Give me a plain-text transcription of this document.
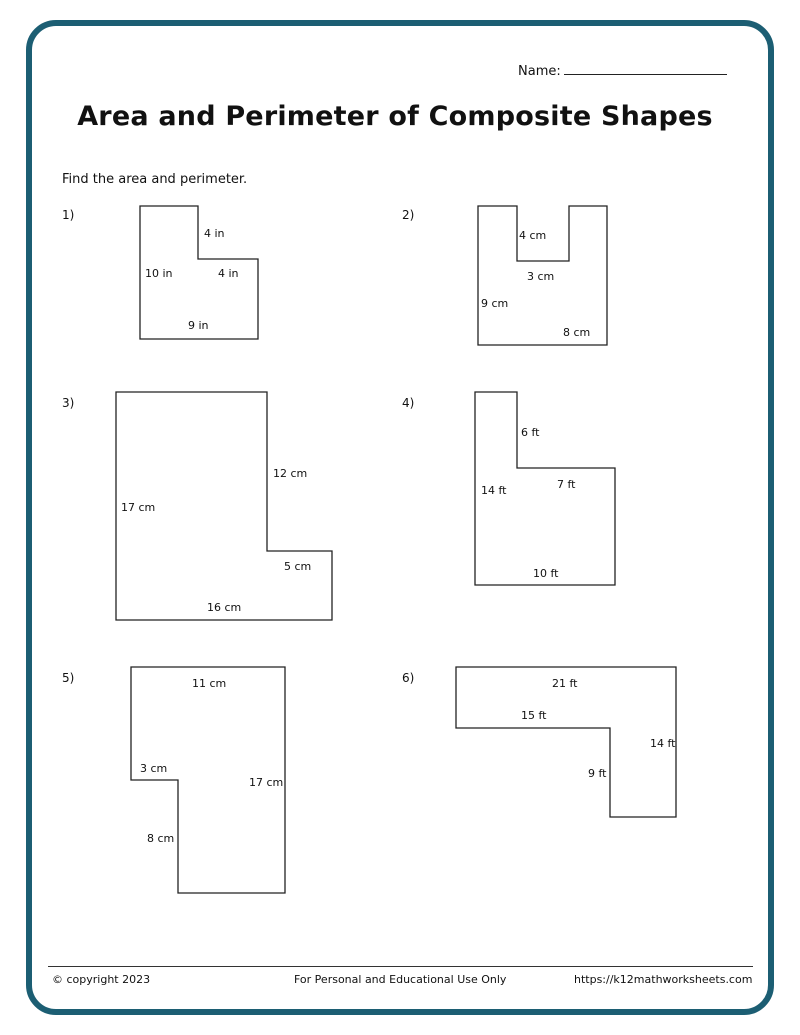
Name:
Area and Perimeter of Composite Shapes
Find the area and perimeter.
1)	2)
3)	4)
5)	6)
4 in
10 in	4 in
9 in
4 cm
3 cm
9 cm
8 cm
12 cm
17 cm
5 cm
16 cm
6 ft
7 ft
14 ft
10 ft
11 cm
3 cm
17 cm
8 cm
21 ft
15 ft
14 ft
9 ft
© copyright 2023	For Personal and Educational Use Only	https://k12mathworksheets.com
